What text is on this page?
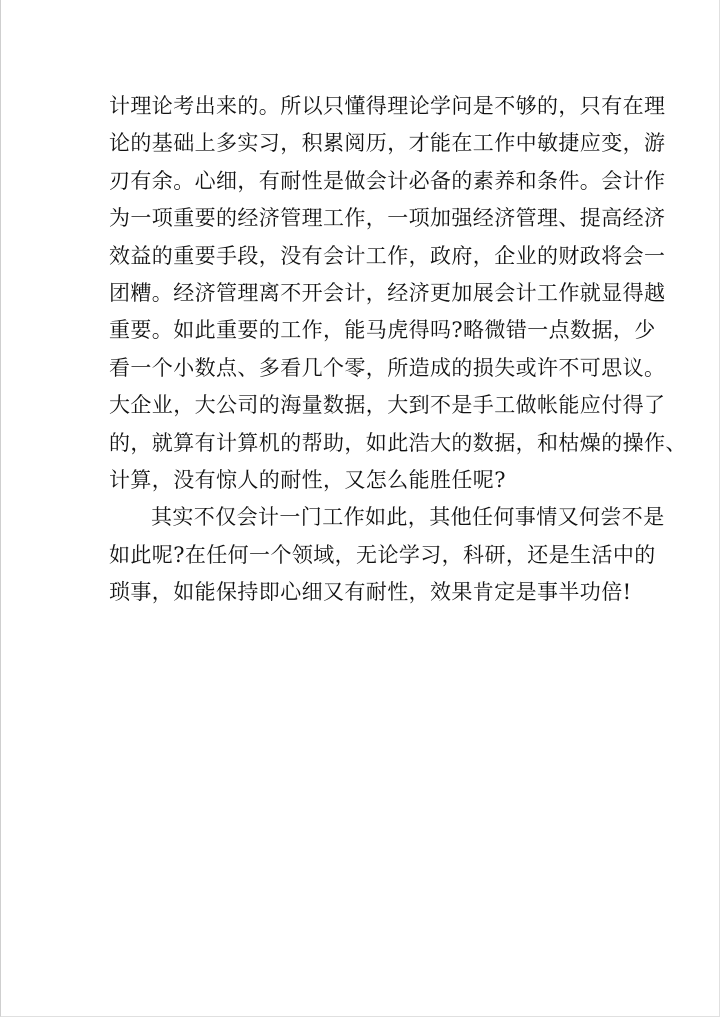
计理论考出来的。所以只懂得理论学问是不够的，只有在理
论的基础上多实习，积累阅历，才能在工作中敏捷应变，游
刃有余。心细，有耐性是做会计必备的素养和条件。会计作
为一项重要的经济管理工作，一项加强经济管理、提高经济
效益的重要手段，没有会计工作，政府，企业的财政将会一
团糟。经济管理离不开会计，经济更加展会计工作就显得越
重要。如此重要的工作，能马虎得吗?略微错一点数据，少
看一个小数点、多看几个零，所造成的损失或许不可思议。
大企业，大公司的海量数据，大到不是手工做帐能应付得了
的，就算有计算机的帮助，如此浩大的数据，和枯燥的操作、
计算，没有惊人的耐性，又怎么能胜任呢?
其实不仅会计一门工作如此，其他任何事情又何尝不是
如此呢?在任何一个领域，无论学习，科研，还是生活中的
琐事，如能保持即心细又有耐性，效果肯定是事半功倍!
